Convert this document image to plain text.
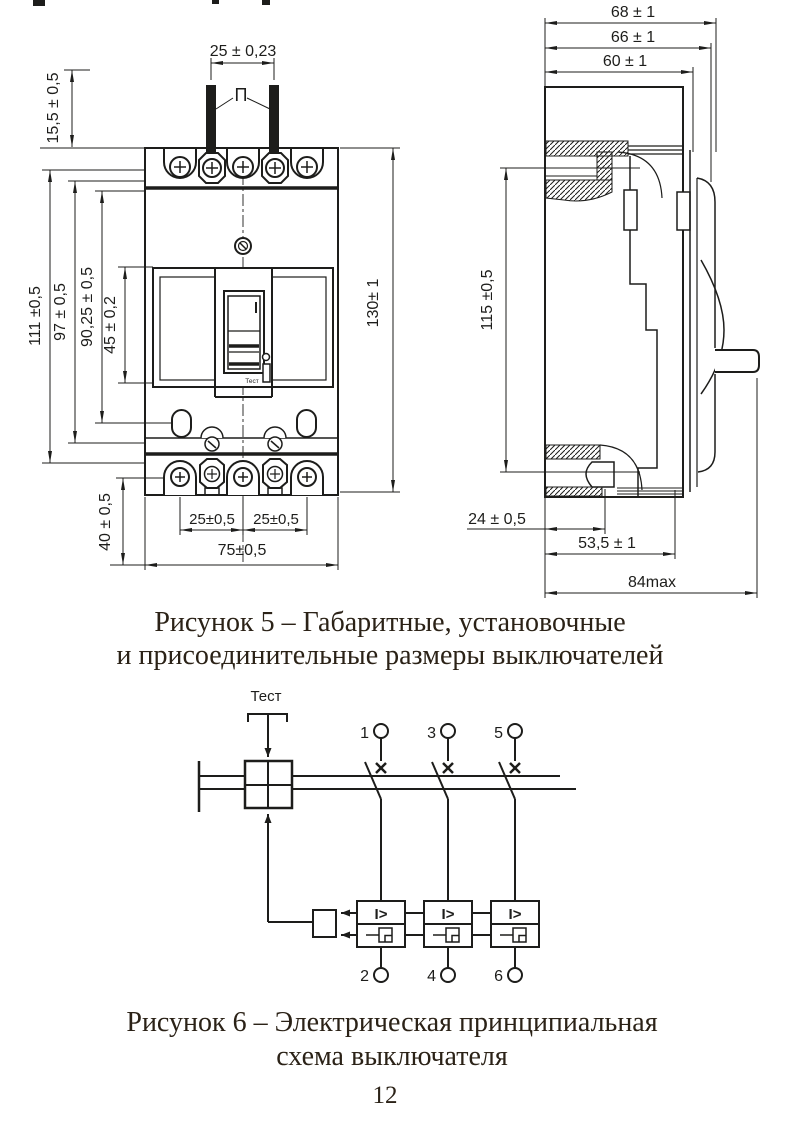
П
Тест
25 ± 0,23
15,5 ± 0,5
111 ±0,5 97 ± 0,5 90,25 ± 0,5 45 ± 0,2
40 ± 0,5
130± 1
25±0,5 25±0,5
75±0,5
68 ± 1
66 ± 1
60 ± 1
115 ±0,5
24 ± 0,5
53,5 ± 1
84max
Рисунок 5 – Габаритные, установочные
и присоединительные размеры выключателей
Тест
1
I>
2
3
I>
4
5
I>
6
Рисунок 6 – Электрическая принципиальная
схема выключателя
12
